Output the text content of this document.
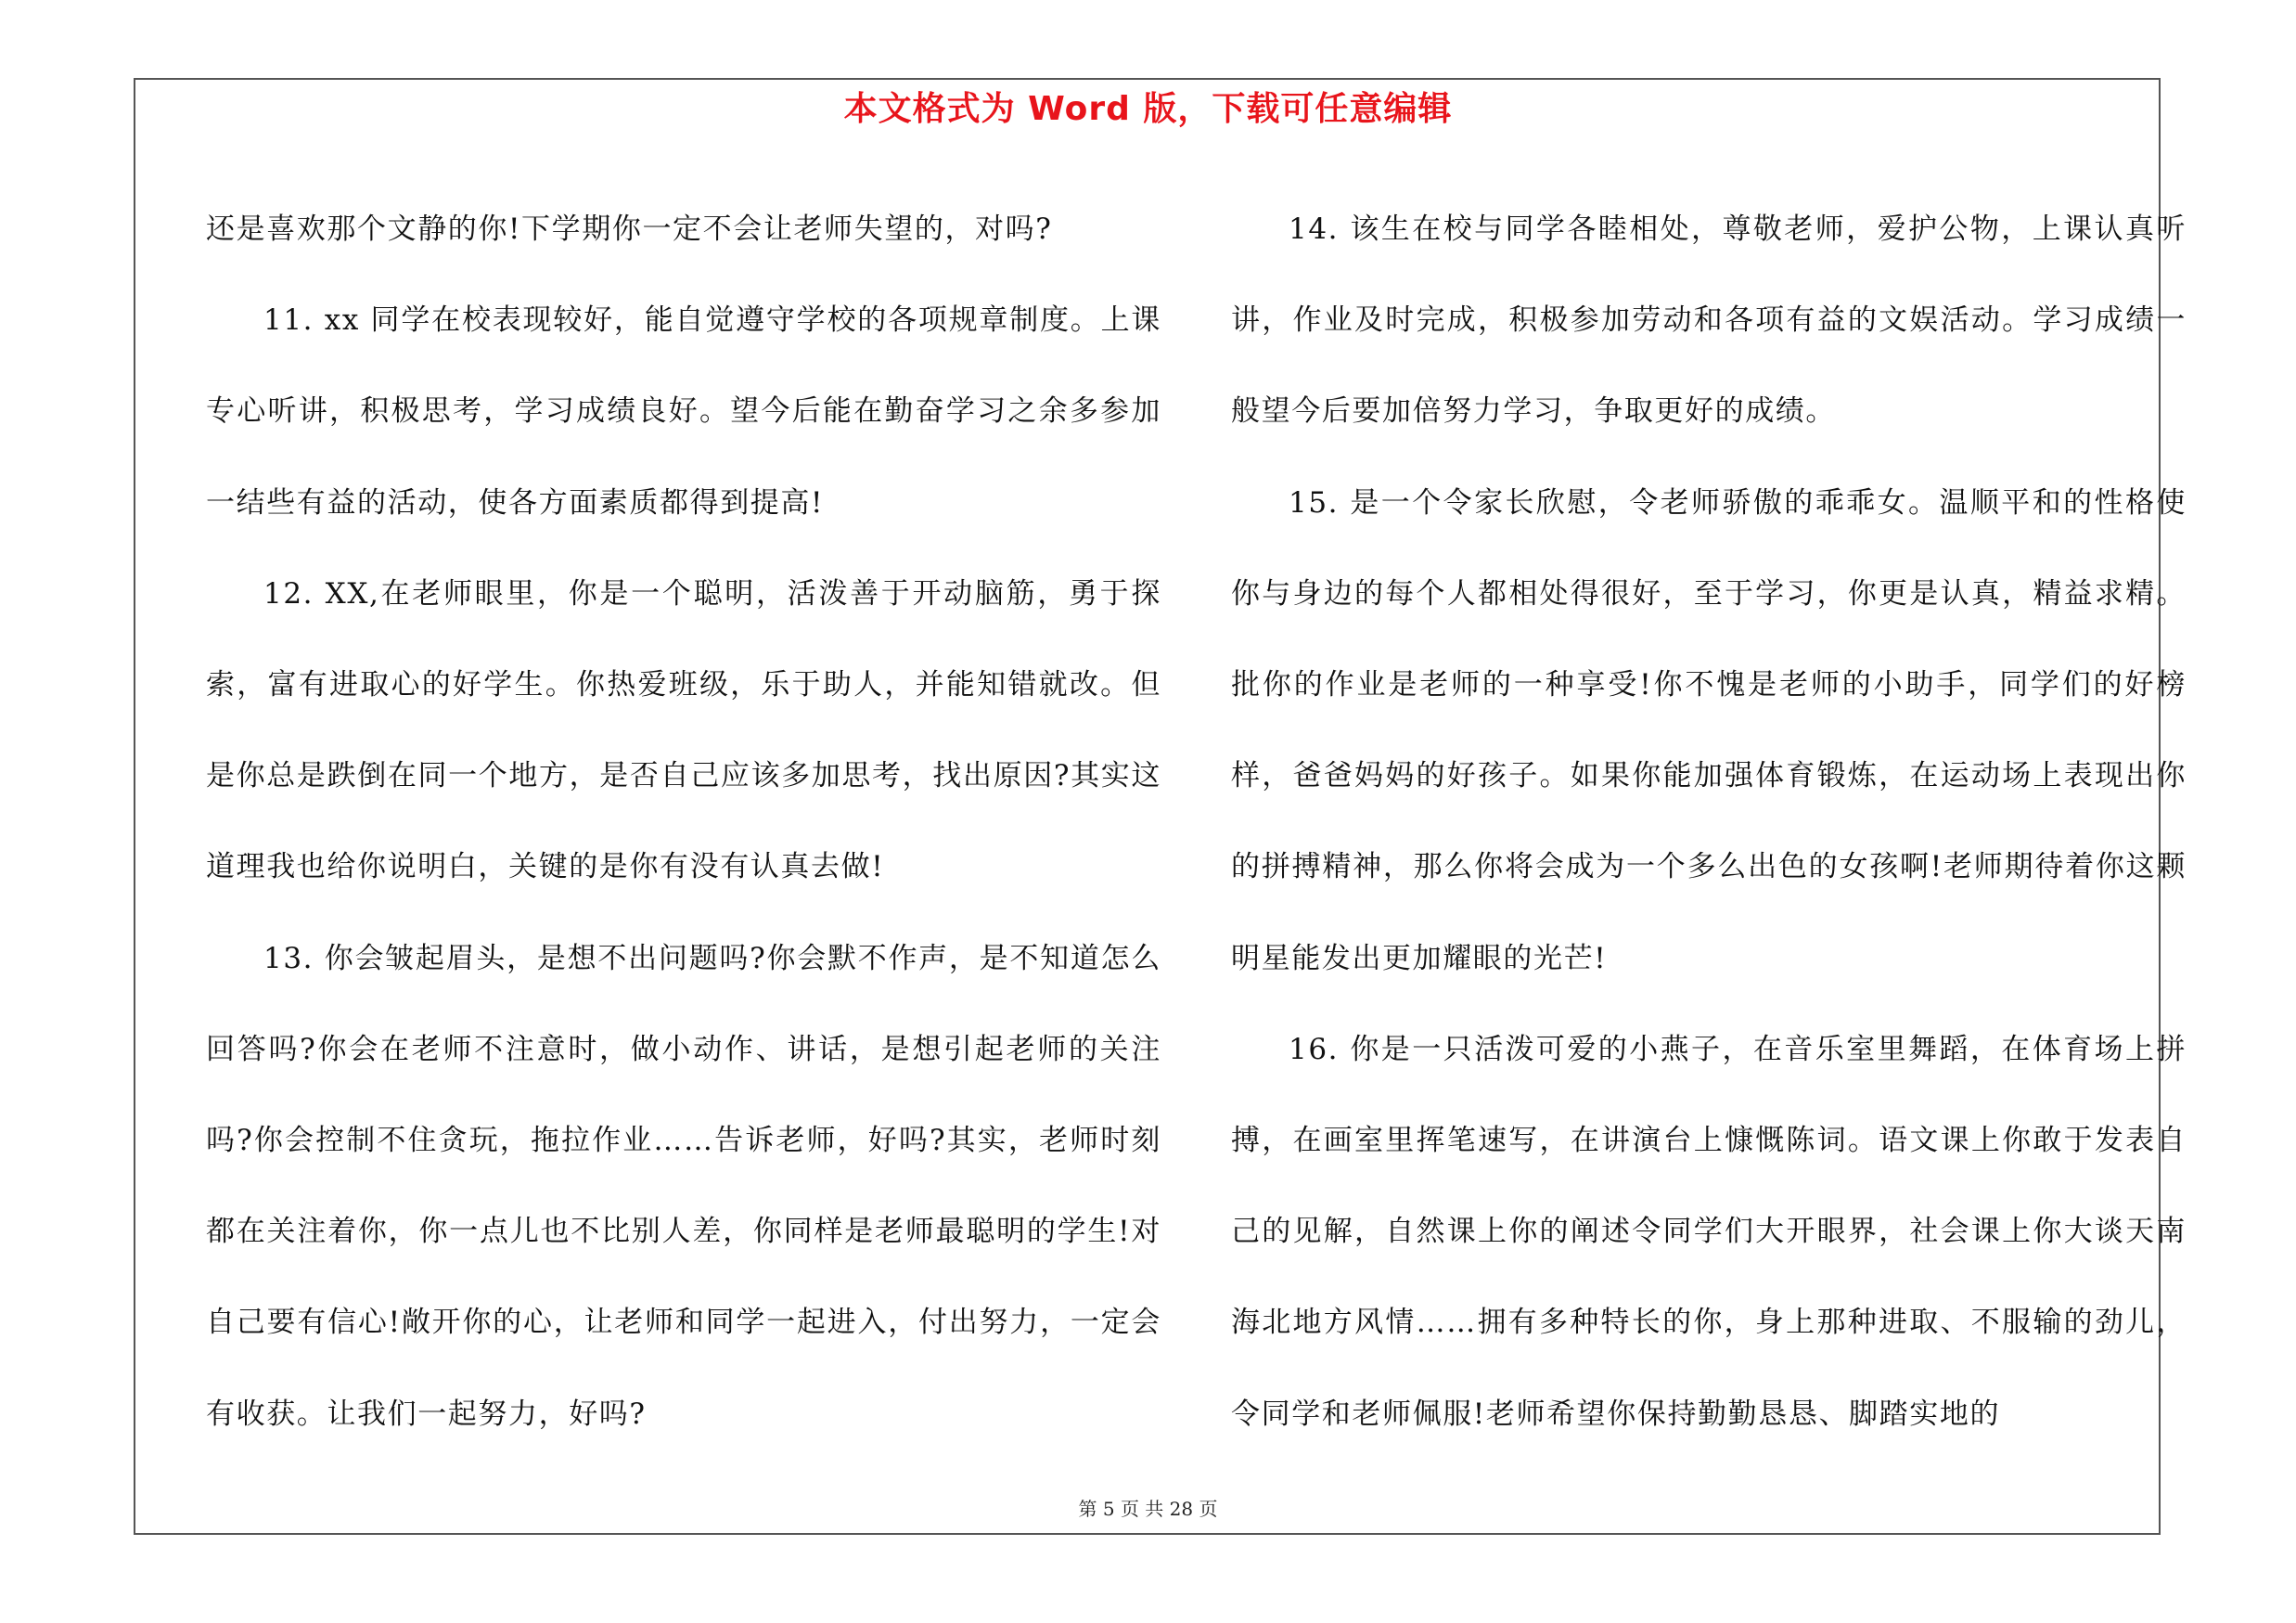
本文格式为 Word 版，下载可任意编辑

还是喜欢那个文静的你!下学期你一定不会让老师失望的，对吗?

11. xx 同学在校表现较好，能自觉遵守学校的各项规章制度。上课专心听讲，积极思考，学习成绩良好。望今后能在勤奋学习之余多参加一结些有益的活动，使各方面素质都得到提高!

12. XX,在老师眼里，你是一个聪明，活泼善于开动脑筋，勇于探索，富有进取心的好学生。你热爱班级，乐于助人，并能知错就改。但是你总是跌倒在同一个地方，是否自己应该多加思考，找出原因?其实这道理我也给你说明白，关键的是你有没有认真去做!

13. 你会皱起眉头，是想不出问题吗?你会默不作声，是不知道怎么回答吗?你会在老师不注意时，做小动作、讲话，是想引起老师的关注吗?你会控制不住贪玩，拖拉作业……告诉老师，好吗?其实，老师时刻都在关注着你，你一点儿也不比别人差，你同样是老师最聪明的学生!对自己要有信心!敞开你的心，让老师和同学一起进入，付出努力，一定会有收获。让我们一起努力，好吗?

14. 该生在校与同学各睦相处，尊敬老师，爱护公物，上课认真听讲，作业及时完成，积极参加劳动和各项有益的文娱活动。学习成绩一般望今后要加倍努力学习，争取更好的成绩。

15. 是一个令家长欣慰，令老师骄傲的乖乖女。温顺平和的性格使你与身边的每个人都相处得很好，至于学习，你更是认真，精益求精。批你的作业是老师的一种享受!你不愧是老师的小助手，同学们的好榜样，爸爸妈妈的好孩子。如果你能加强体育锻炼，在运动场上表现出你的拼搏精神，那么你将会成为一个多么出色的女孩啊!老师期待着你这颗明星能发出更加耀眼的光芒!

16. 你是一只活泼可爱的小燕子，在音乐室里舞蹈，在体育场上拼搏，在画室里挥笔速写，在讲演台上慷慨陈词。语文课上你敢于发表自己的见解，自然课上你的阐述令同学们大开眼界，社会课上你大谈天南海北地方风情……拥有多种特长的你，身上那种进取、不服输的劲儿，令同学和老师佩服!老师希望你保持勤勤恳恳、脚踏实地的

第 5 页 共 28 页
